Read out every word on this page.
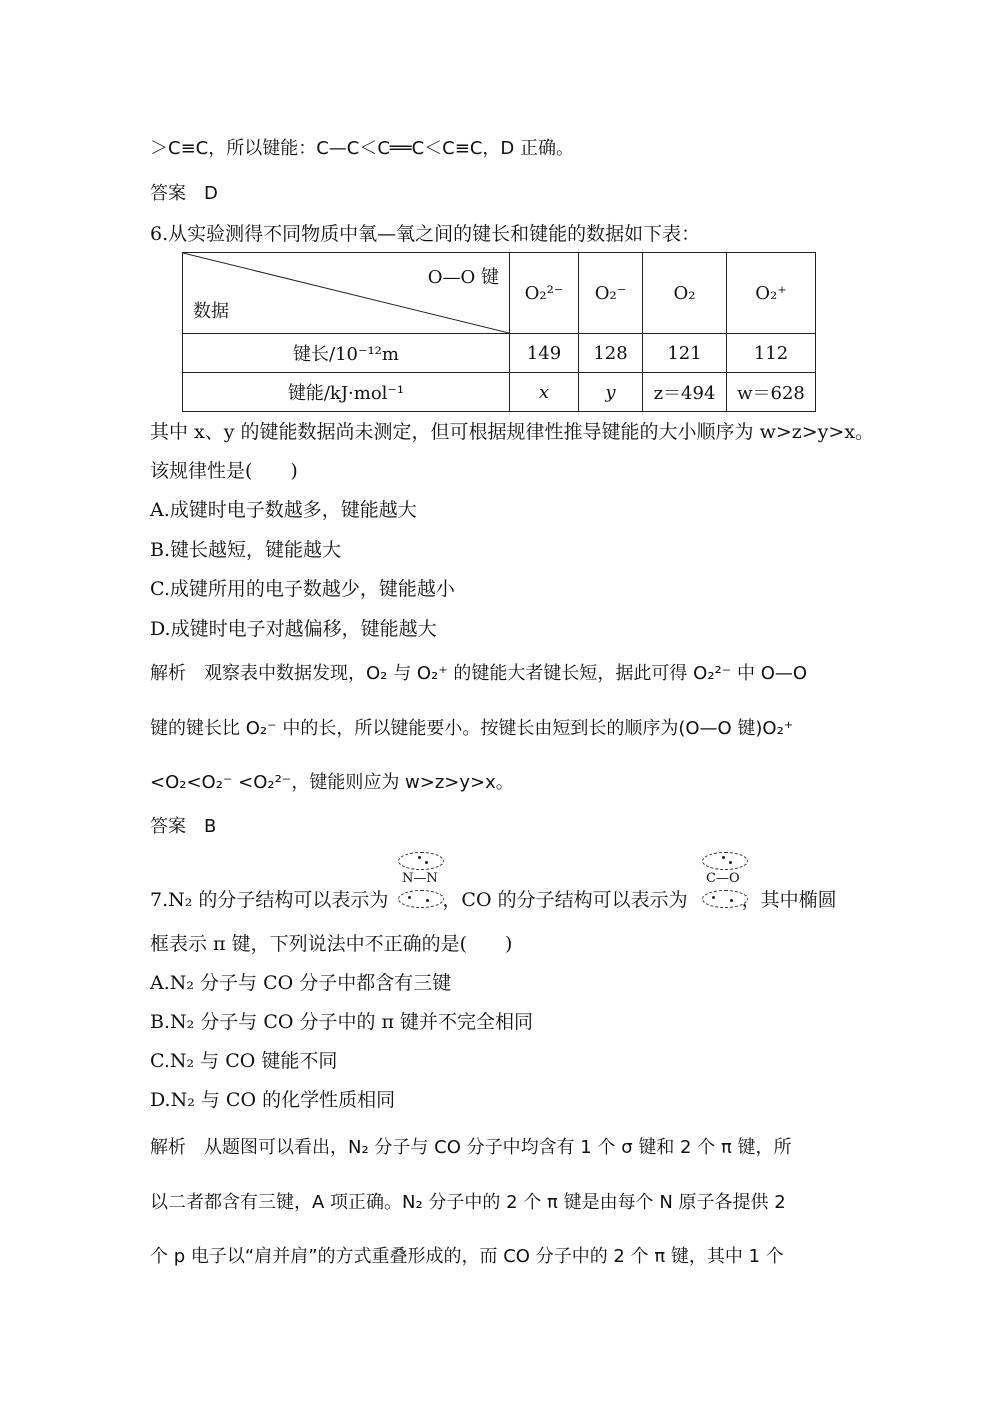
＞C≡C，所以键能：C—C＜C══C＜C≡C，D 正确。
答案　D
6.从实验测得不同物质中氧—氧之间的键长和键能的数据如下表：
O—O 键
数据	O₂²⁻	O₂⁻	O₂	O₂⁺
键长/10⁻¹²m	149	128	121	112
键能/kJ·mol⁻¹	x	y	z＝494	w＝628
其中 x、y 的键能数据尚未测定，但可根据规律性推导键能的大小顺序为 w>z>y>x。
该规律性是(　　)
A.成键时电子数越多，键能越大
B.键长越短，键能越大
C.成键所用的电子数越少，键能越小
D.成键时电子对越偏移，键能越大
解析　观察表中数据发现，O₂ 与 O₂⁺ 的键能大者键长短，据此可得 O₂²⁻ 中 O—O
键的键长比 O₂⁻ 中的长，所以键能要小。按键长由短到长的顺序为(O—O 键)O₂⁺
<O₂<O₂⁻ <O₂²⁻，键能则应为 w>z>y>x。
答案　B
7.N₂ 的分子结构可以表示为	，CO 的分子结构可以表示为	，其中椭圆
N—N	C—O
框表示 π 键，下列说法中不正确的是(　　)
A.N₂ 分子与 CO 分子中都含有三键
B.N₂ 分子与 CO 分子中的 π 键并不完全相同
C.N₂ 与 CO 键能不同
D.N₂ 与 CO 的化学性质相同
解析　从题图可以看出，N₂ 分子与 CO 分子中均含有 1 个 σ 键和 2 个 π 键，所
以二者都含有三键，A 项正确。N₂ 分子中的 2 个 π 键是由每个 N 原子各提供 2
个 p 电子以“肩并肩”的方式重叠形成的，而 CO 分子中的 2 个 π 键，其中 1 个
